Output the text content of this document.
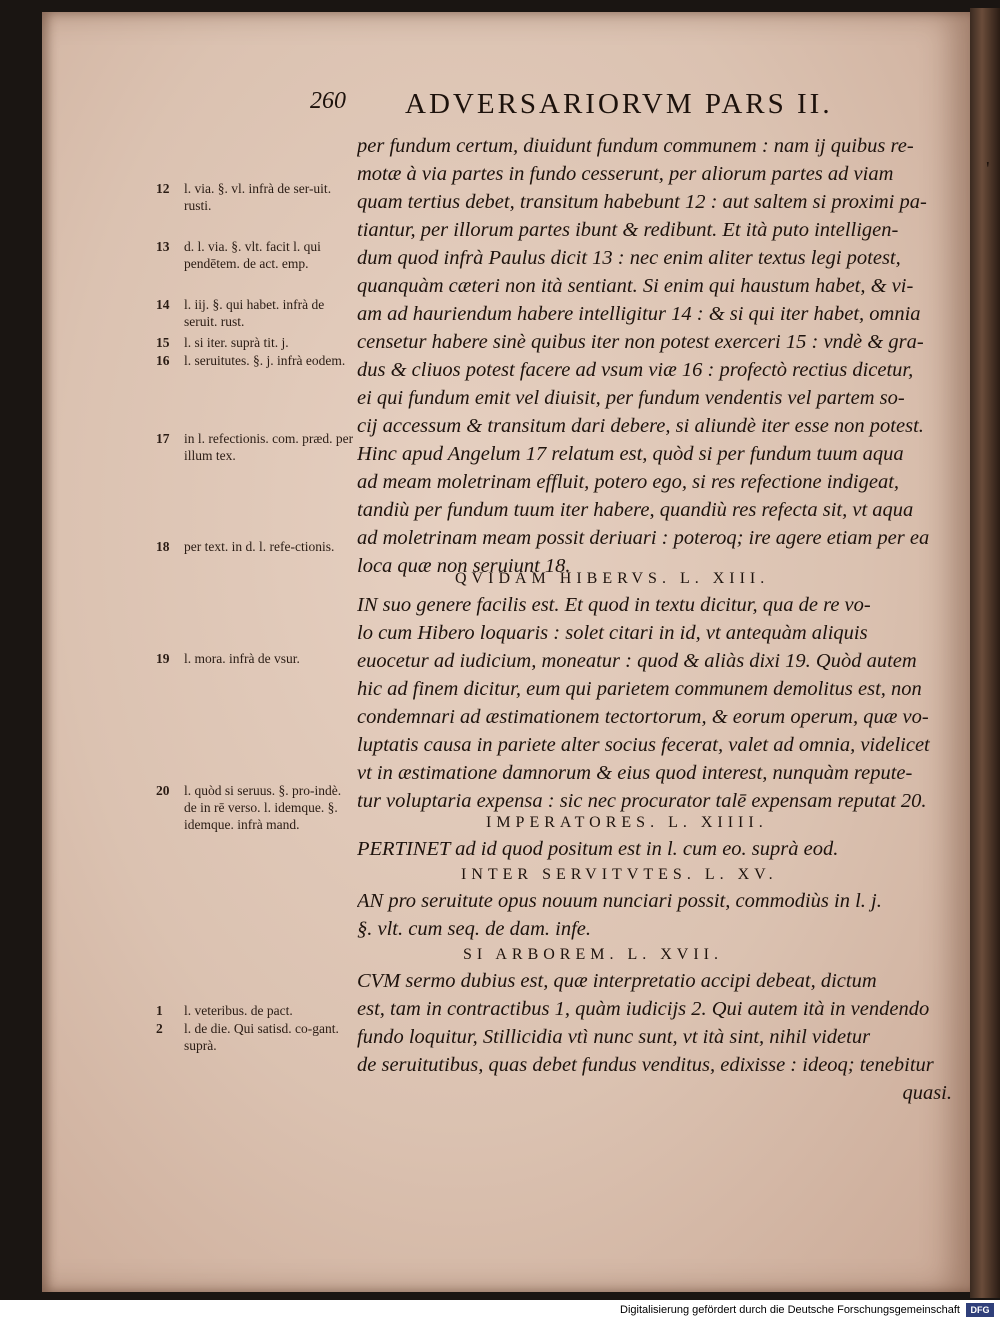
260 ADVERSARIORVM PARS II.
'
per fundum certum, diuidunt fundum communem : nam ij quibus re-
motæ à via partes in fundo cesserunt, per aliorum partes ad viam
quam tertius debet, transitum habebunt 12 : aut saltem si proximi pa-
tiantur, per illorum partes ibunt & redibunt. Et ità puto intelligen-
dum quod infrà Paulus dicit 13 : nec enim aliter textus legi potest,
quanquàm cæteri non ità sentiant. Si enim qui haustum habet, & vi-
am ad hauriendum habere intelligitur 14 : & si qui iter habet, omnia
censetur habere sinè quibus iter non potest exerceri 15 : vndè & gra-
dus & cliuos potest facere ad vsum viæ 16 : profectò rectius dicetur,
ei qui fundum emit vel diuisit, per fundum vendentis vel partem so-
cij accessum & transitum dari debere, si aliundè iter esse non potest.
Hinc apud Angelum 17 relatum est, quòd si per fundum tuum aqua
ad meam moletrinam effluit, potero ego, si res refectione indigeat,
tandiù per fundum tuum iter habere, quandiù res refecta sit, vt aqua
ad moletrinam meam possit deriuari : poteroq; ire agere etiam per ea
loca quæ non seruiunt 18.
QVIDAM HIBERVS. L. XIII.
IN suo genere facilis est. Et quod in textu dicitur, qua de re vo-
lo cum Hibero loquaris : solet citari in id, vt antequàm aliquis
euocetur ad iudicium, moneatur : quod & aliàs dixi 19. Quòd autem
hic ad finem dicitur, eum qui parietem communem demolitus est, non
condemnari ad æstimationem tectortorum, & eorum operum, quæ vo-
luptatis causa in pariete alter socius fecerat, valet ad omnia, videlicet
vt in æstimatione damnorum & eius quod interest, nunquàm repute-
tur voluptaria expensa : sic nec procurator talē expensam reputat 20.
IMPERATORES. L. XIIII.
PERTINET ad id quod positum est in l. cum eo. suprà eod.
INTER SERVITVTES. L. XV.
AN pro seruitute opus nouum nunciari possit, commodiùs in l. j.
§. vlt. cum seq. de dam. infe.
SI ARBOREM. L. XVII.
CVM sermo dubius est, quæ interpretatio accipi debeat, dictum
est, tam in contractibus 1, quàm iudicijs 2. Qui autem ità in vendendo
fundo loquitur, Stillicidia vtì nunc sunt, vt ità sint, nihil videtur
de seruitutibus, quas debet fundus venditus, edixisse : ideoq; tenebitur
quasi.
12 l. via. §. vl. infrà de ser-uit. rusti.
13 d. l. via. §. vlt. facit l. qui pendētem. de act. emp.
14 l. iij. §. qui habet. infrà de seruit. rust.
15 l. si iter. suprà tit. j.
16 l. seruitutes. §. j. infrà eodem.
17 in l. refectionis. com. præd. per illum tex.
18 per text. in d. l. refe-ctionis.
19 l. mora. infrà de vsur.
20 l. quòd si seruus. §. pro-indè. de in rē verso. l. idemque. §. idemque. infrà mand.
1 l. veteribus. de pact.
2 l. de die. Qui satisd. co-gant. suprà.
Digitalisierung gefördert durch die Deutsche Forschungsgemeinschaft	DFG
